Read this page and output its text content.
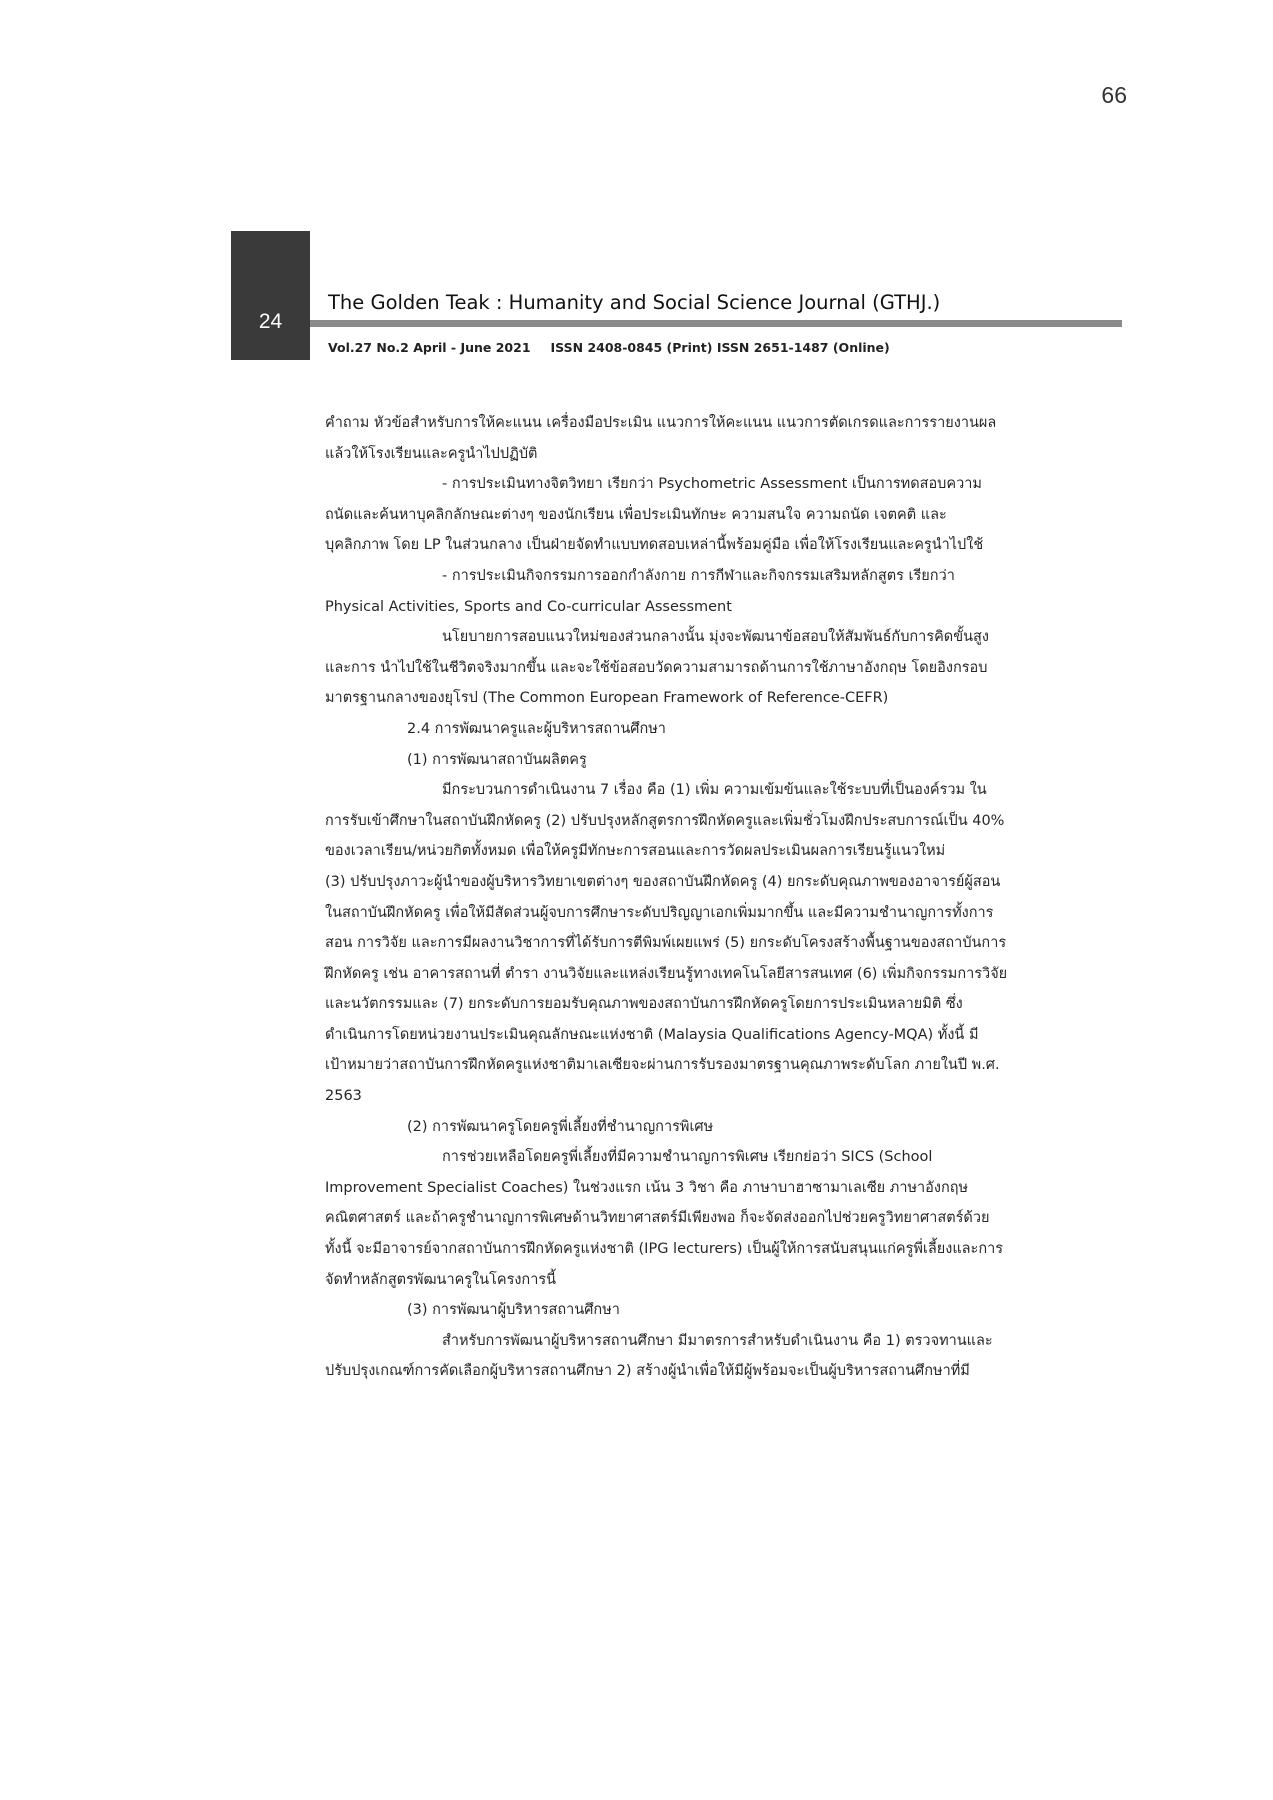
66
24
The Golden Teak : Humanity and Social Science Journal (GTHJ.)
Vol.27 No.2 April - June 2021 ISSN 2408-0845 (Print) ISSN 2651-1487 (Online)
คำถาม หัวข้อสำหรับการให้คะแนน เครื่องมือประเมิน แนวการให้คะแนน แนวการตัดเกรดและการรายงานผล
แล้วให้โรงเรียนและครูนำไปปฏิบัติ
- การประเมินทางจิตวิทยา เรียกว่า Psychometric Assessment เป็นการทดสอบความ
ถนัดและค้นหาบุคลิกลักษณะต่างๆ ของนักเรียน เพื่อประเมินทักษะ ความสนใจ ความถนัด เจตคติ และ
บุคลิกภาพ โดย LP ในส่วนกลาง เป็นฝ่ายจัดทำแบบทดสอบเหล่านี้พร้อมคู่มือ เพื่อให้โรงเรียนและครูนำไปใช้
- การประเมินกิจกรรมการออกกำลังกาย การกีฬาและกิจกรรมเสริมหลักสูตร เรียกว่า
Physical Activities, Sports and Co-curricular Assessment
นโยบายการสอบแนวใหม่ของส่วนกลางนั้น มุ่งจะพัฒนาข้อสอบให้สัมพันธ์กับการคิดขั้นสูง
และการ นำไปใช้ในชีวิตจริงมากขึ้น และจะใช้ข้อสอบวัดความสามารถด้านการใช้ภาษาอังกฤษ โดยอิงกรอบ
มาตรฐานกลางของยุโรป (The Common European Framework of Reference-CEFR)
2.4 การพัฒนาครูและผู้บริหารสถานศึกษา
(1) การพัฒนาสถาบันผลิตครู
มีกระบวนการดำเนินงาน 7 เรื่อง คือ (1) เพิ่ม ความเข้มข้นและใช้ระบบที่เป็นองค์รวม ใน
การรับเข้าศึกษาในสถาบันฝึกหัดครู (2) ปรับปรุงหลักสูตรการฝึกหัดครูและเพิ่มชั่วโมงฝึกประสบการณ์เป็น 40%
ของเวลาเรียน/หน่วยกิตทั้งหมด เพื่อให้ครูมีทักษะการสอนและการวัดผลประเมินผลการเรียนรู้แนวใหม่
(3) ปรับปรุงภาวะผู้นำของผู้บริหารวิทยาเขตต่างๆ ของสถาบันฝึกหัดครู (4) ยกระดับคุณภาพของอาจารย์ผู้สอน
ในสถาบันฝึกหัดครู เพื่อให้มีสัดส่วนผู้จบการศึกษาระดับปริญญาเอกเพิ่มมากขึ้น และมีความชำนาญการทั้งการ
สอน การวิจัย และการมีผลงานวิชาการที่ได้รับการตีพิมพ์เผยแพร่ (5) ยกระดับโครงสร้างพื้นฐานของสถาบันการ
ฝึกหัดครู เช่น อาคารสถานที่ ตำรา งานวิจัยและแหล่งเรียนรู้ทางเทคโนโลยีสารสนเทศ (6) เพิ่มกิจกรรมการวิจัย
และนวัตกรรมและ (7) ยกระดับการยอมรับคุณภาพของสถาบันการฝึกหัดครูโดยการประเมินหลายมิติ ซึ่ง
ดำเนินการโดยหน่วยงานประเมินคุณลักษณะแห่งชาติ (Malaysia Qualifications Agency-MQA) ทั้งนี้ มี
เป้าหมายว่าสถาบันการฝึกหัดครูแห่งชาติมาเลเซียจะผ่านการรับรองมาตรฐานคุณภาพระดับโลก ภายในปี พ.ศ.
2563
(2) การพัฒนาครูโดยครูพี่เลี้ยงที่ชำนาญการพิเศษ
การช่วยเหลือโดยครูพี่เลี้ยงที่มีความชำนาญการพิเศษ เรียกย่อว่า SICS (School
Improvement Specialist Coaches) ในช่วงแรก เน้น 3 วิชา คือ ภาษาบาฮาซามาเลเซีย ภาษาอังกฤษ
คณิตศาสตร์ และถ้าครูชำนาญการพิเศษด้านวิทยาศาสตร์มีเพียงพอ ก็จะจัดส่งออกไปช่วยครูวิทยาศาสตร์ด้วย
ทั้งนี้ จะมีอาจารย์จากสถาบันการฝึกหัดครูแห่งชาติ (IPG lecturers) เป็นผู้ให้การสนับสนุนแก่ครูพี่เลี้ยงและการ
จัดทำหลักสูตรพัฒนาครูในโครงการนี้
(3) การพัฒนาผู้บริหารสถานศึกษา
สำหรับการพัฒนาผู้บริหารสถานศึกษา มีมาตรการสำหรับดำเนินงาน คือ 1) ตรวจทานและ
ปรับปรุงเกณฑ์การคัดเลือกผู้บริหารสถานศึกษา 2) สร้างผู้นำเพื่อให้มีผู้พร้อมจะเป็นผู้บริหารสถานศึกษาที่มี
